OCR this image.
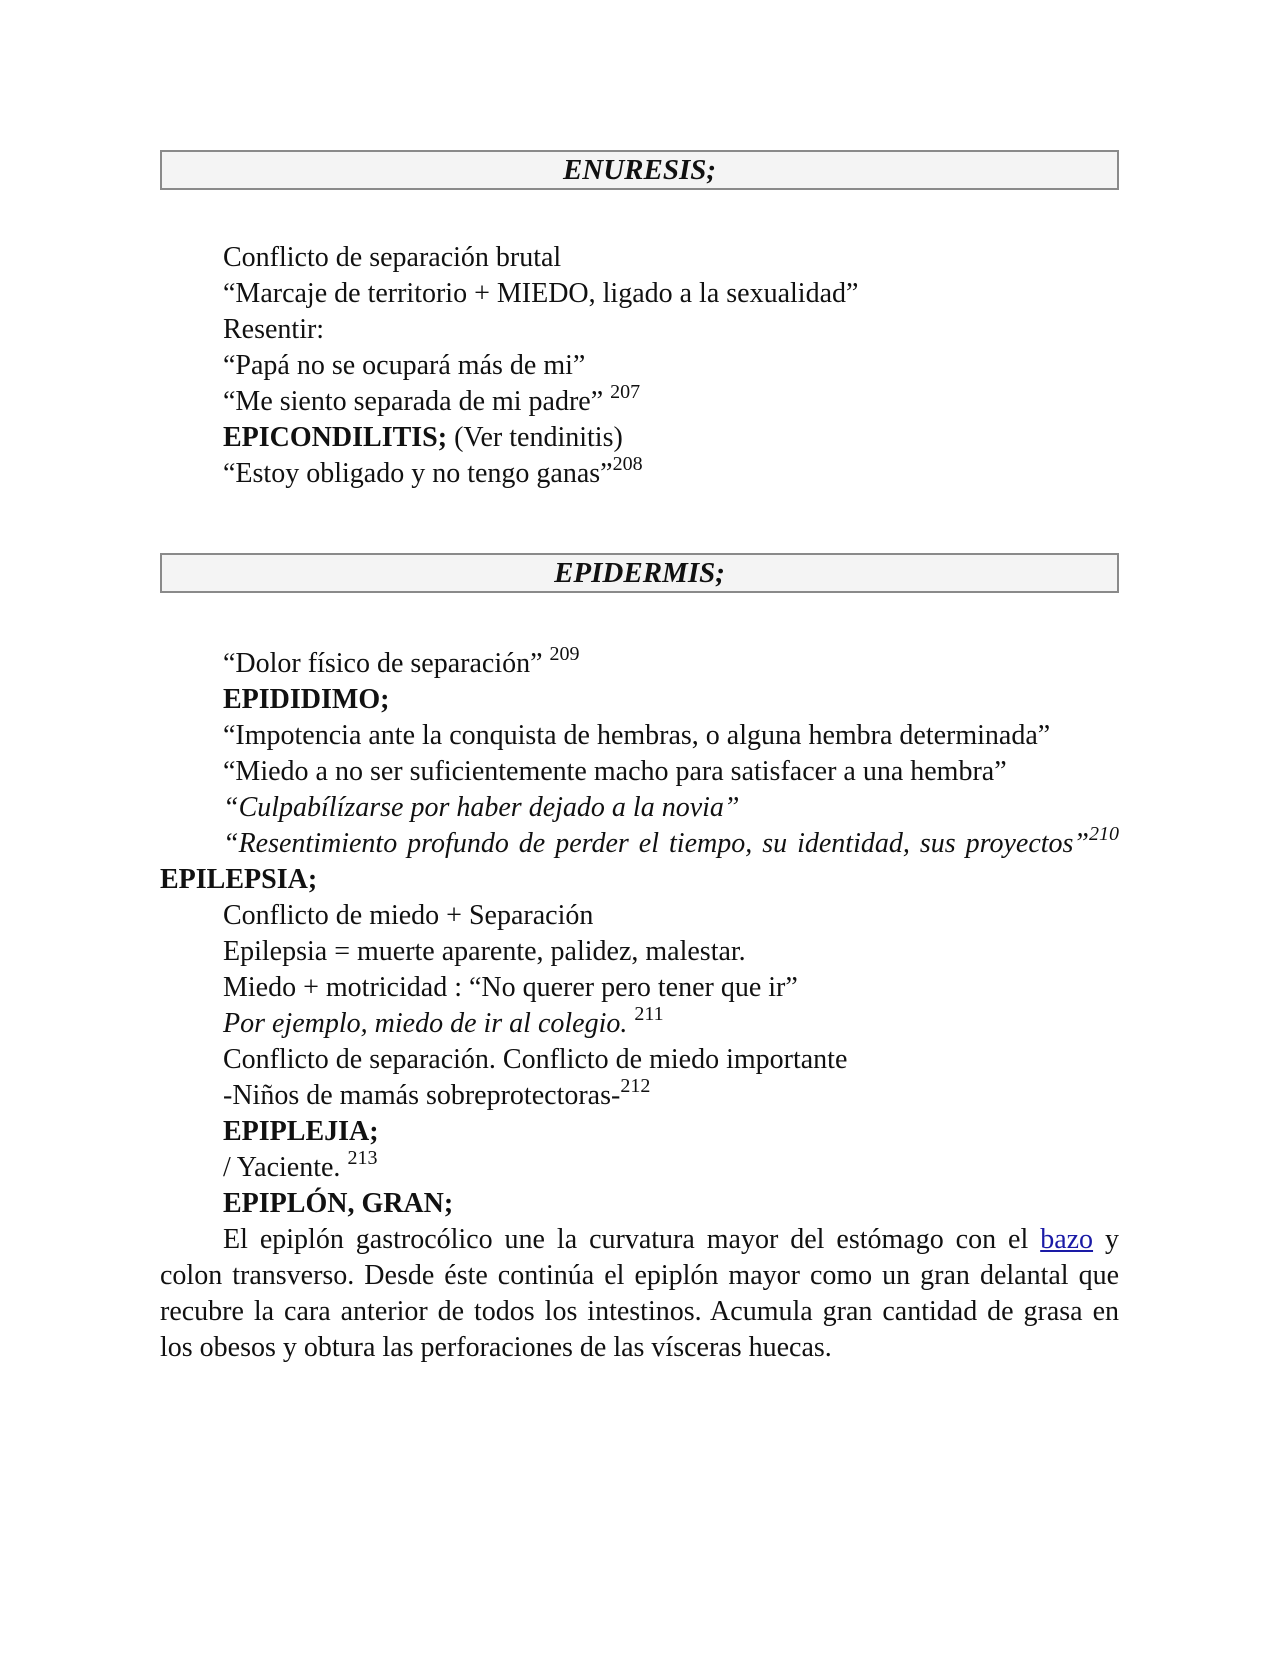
ENURESIS;

Conflicto de separación brutal

“Marcaje de territorio + MIEDO, ligado a la sexualidad”

Resentir:

“Papá no se ocupará más de mi”

“Me siento separada de mi padre” $^{207}$

EPICONDILITIS; (Ver tendinitis)

“Estoy obligado y no tengo ganas”$^{208}$

EPIDERMIS;

“Dolor físico de separación” $^{209}$

EPIDIDIMO;

“Impotencia ante la conquista de hembras, o alguna hembra determinada”

“Miedo a no ser suficientemente macho para satisfacer a una hembra”

“Culpabílízarse por haber dejado a la novia”

“Resentimiento profundo de perder el tiempo, su identidad, sus proyectos”$^{210}$ EPILEPSIA;

Conflicto de miedo + Separación

Epilepsia = muerte aparente, palidez, malestar.

Miedo + motricidad : “No querer pero tener que ir”

Por ejemplo, miedo de ir al colegio. $^{211}$

Conflicto de separación. Conflicto de miedo importante

-Niños de mamás sobreprotectoras-$^{212}$

EPIPLEJIA;

/ Yaciente. $^{213}$

EPIPLÓN, GRAN;

El epiplón gastrocólico une la curvatura mayor del estómago con el bazo y colon transverso. Desde éste continúa el epiplón mayor como un gran delantal que recubre la cara anterior de todos los intestinos. Acumula gran cantidad de grasa en los obesos y obtura las perforaciones de las vísceras huecas.
